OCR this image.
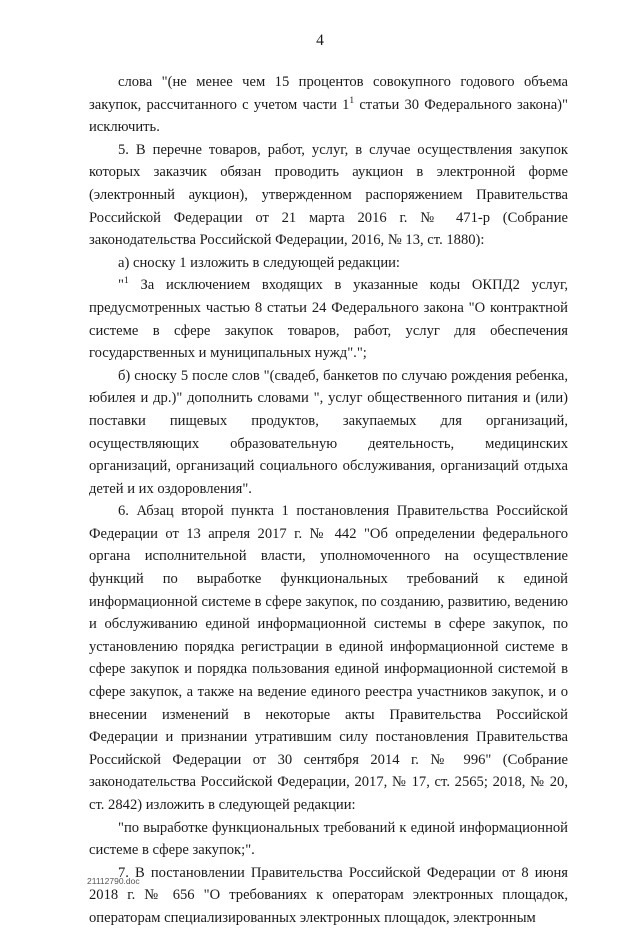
4

слова "(не менее чем 15 процентов совокупного годового объема закупок, рассчитанного с учетом части $1^1$ статьи 30 Федерального закона)" исключить.

5. В перечне товаров, работ, услуг, в случае осуществления закупок которых заказчик обязан проводить аукцион в электронной форме (электронный аукцион), утвержденном распоряжением Правительства Российской Федерации от 21 марта 2016 г. № 471-р (Собрание законодательства Российской Федерации, 2016, № 13, ст. 1880):

а) сноску 1 изложить в следующей редакции:

"$^1$ За исключением входящих в указанные коды ОКПД2 услуг, предусмотренных частью 8 статьи 24 Федерального закона "О контрактной системе в сфере закупок товаров, работ, услуг для обеспечения государственных и муниципальных нужд".";

б) сноску 5 после слов "(свадеб, банкетов по случаю рождения ребенка, юбилея и др.)" дополнить словами ", услуг общественного питания и (или) поставки пищевых продуктов, закупаемых для организаций, осуществляющих образовательную деятельность, медицинских организаций, организаций социального обслуживания, организаций отдыха детей и их оздоровления".

6. Абзац второй пункта 1 постановления Правительства Российской Федерации от 13 апреля 2017 г. № 442 "Об определении федерального органа исполнительной власти, уполномоченного на осуществление функций по выработке функциональных требований к единой информационной системе в сфере закупок, по созданию, развитию, ведению и обслуживанию единой информационной системы в сфере закупок, по установлению порядка регистрации в единой информационной системе в сфере закупок и порядка пользования единой информационной системой в сфере закупок, а также на ведение единого реестра участников закупок, и о внесении изменений в некоторые акты Правительства Российской Федерации и признании утратившим силу постановления Правительства Российской Федерации от 30 сентября 2014 г. № 996" (Собрание законодательства Российской Федерации, 2017, № 17, ст. 2565; 2018, № 20, ст. 2842) изложить в следующей редакции:

"по выработке функциональных требований к единой информационной системе в сфере закупок;".

7. В постановлении Правительства Российской Федерации от 8 июня 2018 г. № 656 "О требованиях к операторам электронных площадок, операторам специализированных электронных площадок, электронным

21112790.doc
